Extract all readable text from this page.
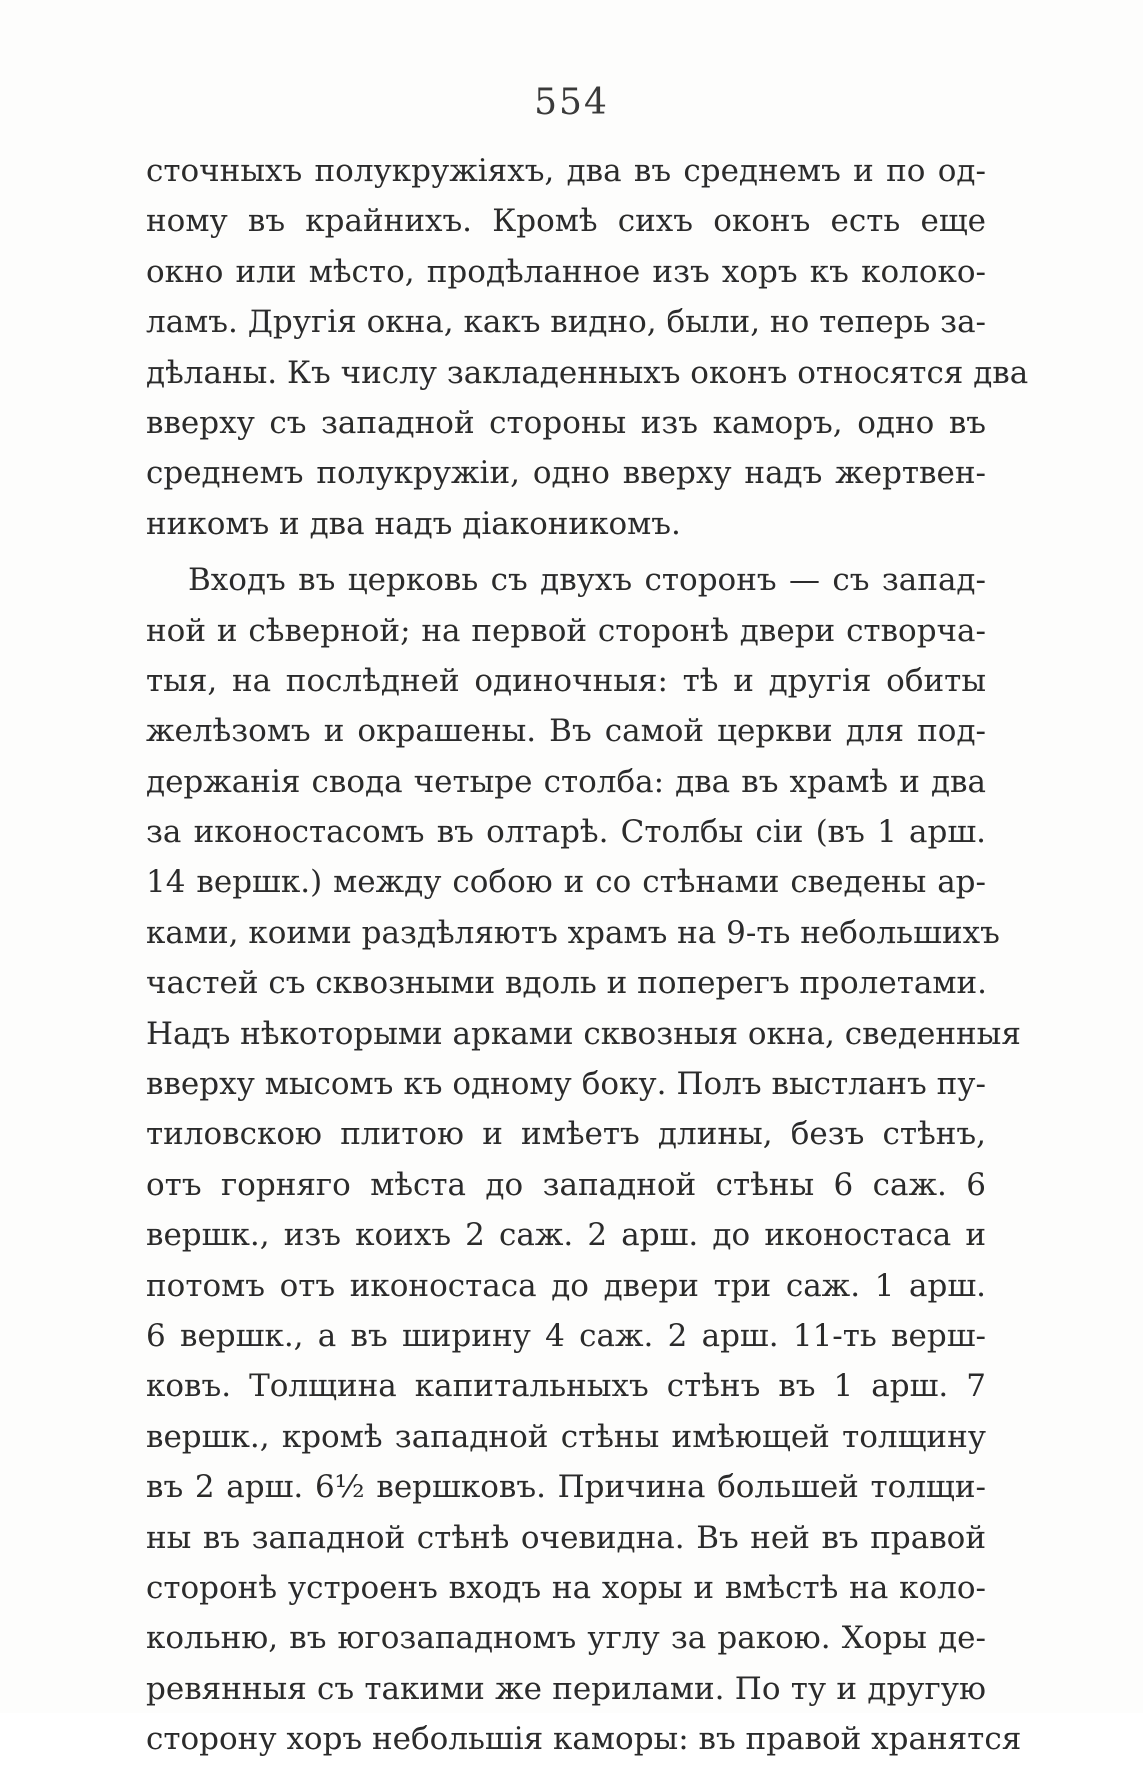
554
сточныхъ полукружіяхъ, два въ среднемъ и по од-
ному въ крайнихъ. Кромѣ сихъ оконъ есть еще
окно или мѣсто, продѣланное изъ хоръ къ колоко-
ламъ. Другія окна, какъ видно, были, но теперь за-
дѣланы. Къ числу закладенныхъ оконъ относятся два
вверху съ западной стороны изъ каморъ, одно въ
среднемъ полукружіи, одно вверху надъ жертвен-
никомъ и два надъ діаконикомъ.
Входъ въ церковь съ двухъ сторонъ — съ запад-
ной и сѣверной; на первой сторонѣ двери створча-
тыя, на послѣдней одиночныя: тѣ и другія обиты
желѣзомъ и окрашены. Въ самой церкви для под-
держанія свода четыре столба: два въ храмѣ и два
за иконостасомъ въ олтарѣ. Столбы сіи (въ 1 арш.
14 вершк.) между собою и со стѣнами сведены ар-
ками, коими раздѣляютъ храмъ на 9-ть небольшихъ
частей съ сквозными вдоль и поперегъ пролетами.
Надъ нѣкоторыми арками сквозныя окна, сведенныя
вверху мысомъ къ одному боку. Полъ выстланъ пу-
тиловскою плитою и имѣетъ длины, безъ стѣнъ,
отъ горняго мѣста до западной стѣны 6 саж. 6
вершк., изъ коихъ 2 саж. 2 арш. до иконостаса и
потомъ отъ иконостаса до двери три саж. 1 арш.
6 вершк., а въ ширину 4 саж. 2 арш. 11-ть верш-
ковъ. Толщина капитальныхъ стѣнъ въ 1 арш. 7
вершк., кромѣ западной стѣны имѣющей толщину
въ 2 арш. 6½ вершковъ. Причина большей толщи-
ны въ западной стѣнѣ очевидна. Въ ней въ правой
сторонѣ устроенъ входъ на хоры и вмѣстѣ на коло-
кольню, въ югозападномъ углу за ракою. Хоры де-
ревянныя съ такими же перилами. По ту и другую
сторону хоръ небольшія каморы: въ правой хранятся
